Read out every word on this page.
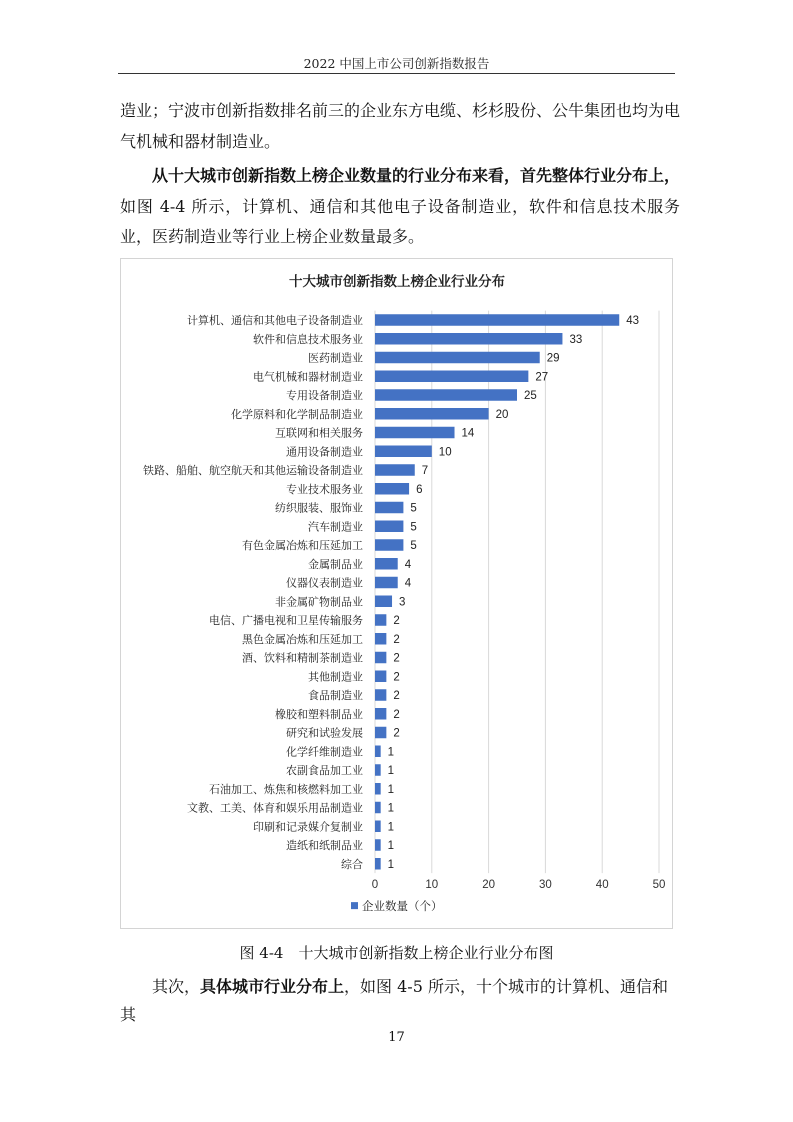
2022 中国上市公司创新指数报告
造业；宁波市创新指数排名前三的企业东方电缆、杉杉股份、公牛集团也均为电气机械和器材制造业。
从十大城市创新指数上榜企业数量的行业分布来看，首先整体行业分布上，如图 4-4 所示，计算机、通信和其他电子设备制造业，软件和信息技术服务业，医药制造业等行业上榜企业数量最多。
十大城市创新指数上榜企业行业分布
0	10	20	30	40	50
计算机、通信和其他电子设备制造业	43
软件和信息技术服务业	33
医药制造业	29
电气机械和器材制造业	27
专用设备制造业	25
化学原料和化学制品制造业	20
互联网和相关服务	14
通用设备制造业	10
铁路、船舶、航空航天和其他运输设备制造业	7
专业技术服务业	6
纺织服装、服饰业	5
汽车制造业	5
有色金属冶炼和压延加工	5
金属制品业	4
仪器仪表制造业	4
非金属矿物制品业	3
电信、广播电视和卫星传输服务	2
黑色金属冶炼和压延加工	2
酒、饮料和精制茶制造业	2
其他制造业	2
食品制造业	2
橡胶和塑料制品业	2
研究和试验发展	2
化学纤维制造业 1
农副食品加工业 1
石油加工、炼焦和核燃料加工业 1
文教、工美、体育和娱乐用品制造业 1
印刷和记录媒介复制业 1
造纸和纸制品业 1
综合 1
企业数量（个）
图 4-4　十大城市创新指数上榜企业行业分布图
其次，具体城市行业分布上，如图 4-5 所示，十个城市的计算机、通信和其
17
